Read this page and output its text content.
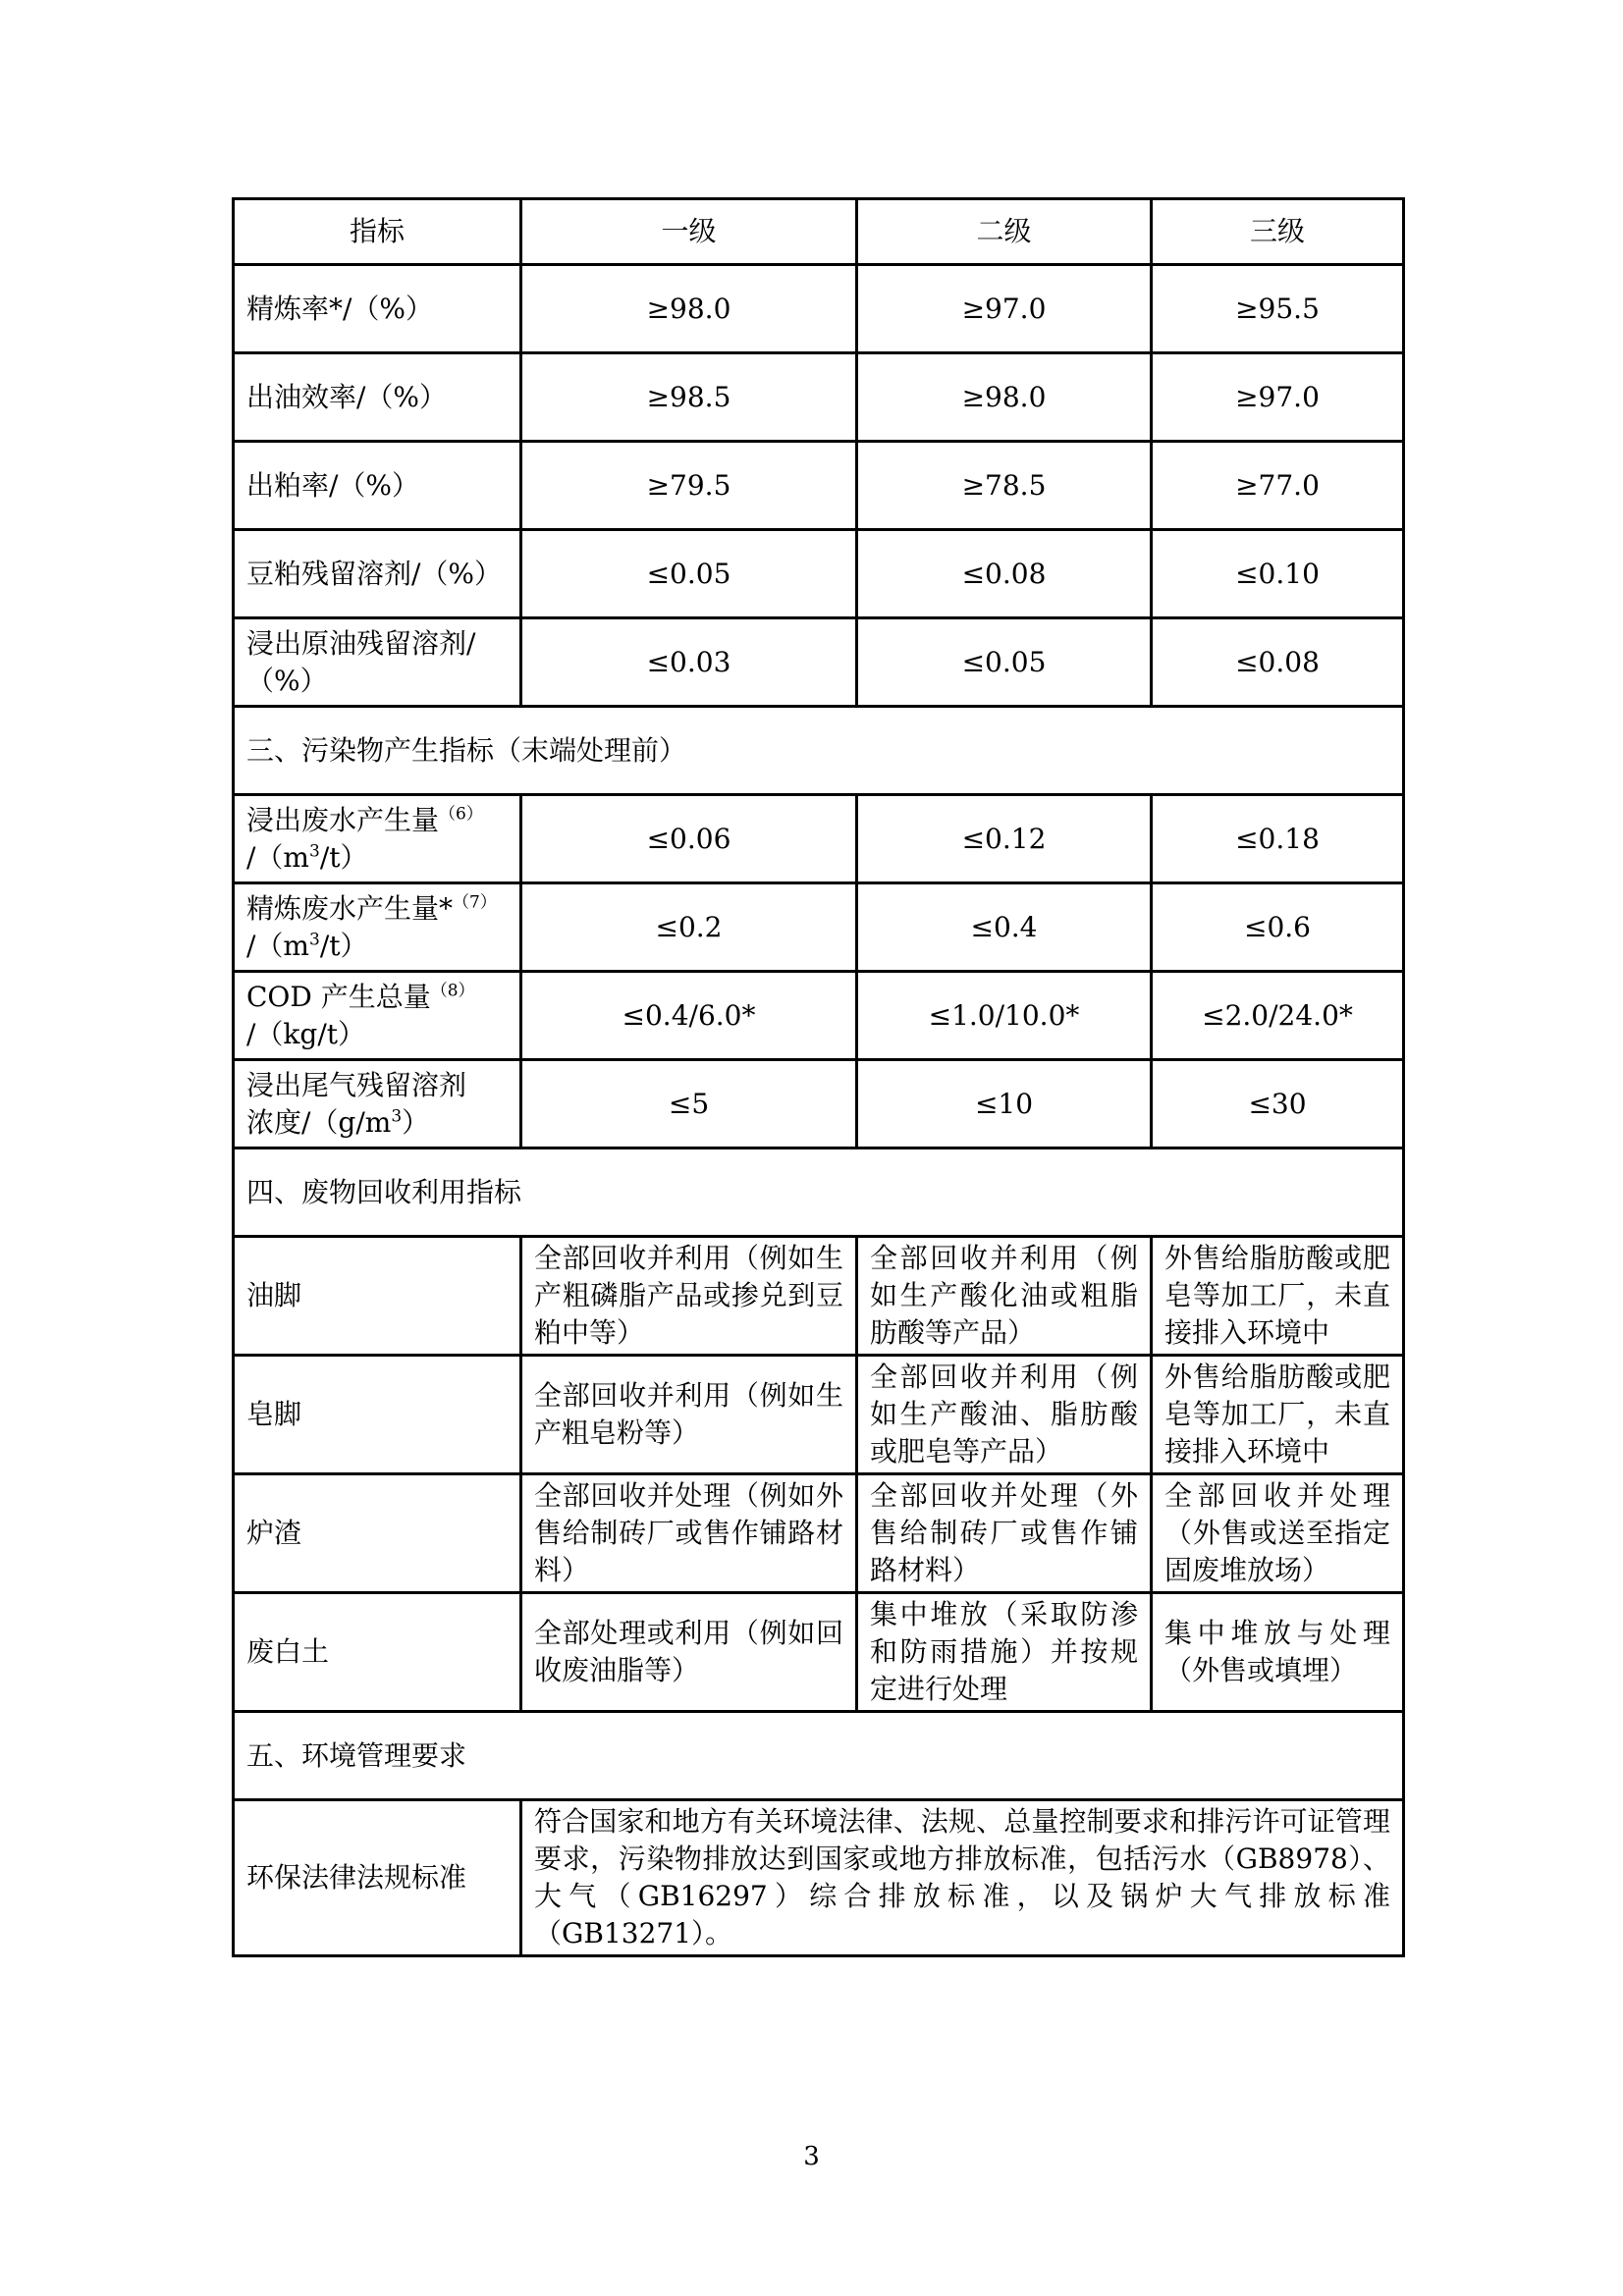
指标	一级	二级	三级
精炼率*/（%）	≥98.0	≥97.0	≥95.5
出油效率/（%）	≥98.5	≥98.0	≥97.0
出粕率/（%）	≥79.5	≥78.5	≥77.0
豆粕残留溶剂/（%）	≤0.05	≤0.08	≤0.10

浸出原油残留溶剂/
（%）	≤0.03	≤0.05	≤0.08
三、污染物产生指标（末端处理前）			
浸出废水产生量$^{(6)}$
$/(m^3/t)$	≤0.06	≤0.12	≤0.18
精炼废水产生量*$^{(7)}$
$/(m^3/t)$	≤0.2	≤0.4	≤0.6
COD 产生总量$^{(8)}$
/（kg/t）	≤0.4/6.0*	≤1.0/10.0*	≤2.0/24.0*

浸出尾气残留溶剂
浓度$/(g/m^3)$	≤5	≤10	≤30
四、废物回收利用指标			
油脚	全部回收并利用（例如生产粗磷脂产品或掺兑到豆粕中等）	全部回收并利用（例如生产酸化油或粗脂肪酸等产品）	外售给脂肪酸或肥皂等加工厂，未直接排入环境中
皂脚	全部回收并利用（例如生产粗皂粉等）	全部回收并利用（例如生产酸油、脂肪酸或肥皂等产品）	外售给脂肪酸或肥皂等加工厂，未直接排入环境中
炉渣	全部回收并处理（例如外售给制砖厂或售作铺路材料）	全部回收并处理（外售给制砖厂或售作铺路材料）	全部回收并处理（外售或送至指定固废堆放场）
废白土	全部处理或利用（例如回收废油脂等）	集中堆放（采取防渗和防雨措施）并按规定进行处理	集中堆放与处理（外售或填埋）
五、环境管理要求			
环保法律法规标准	符合国家和地方有关环境法律、法规、总量控制要求和排污许可证管理要求，污染物排放达到国家或地方排放标准，包括污水（GB8978）、大气（GB16297）综合排放标准，以及锅炉大气排放标准（GB13271）。		
3
